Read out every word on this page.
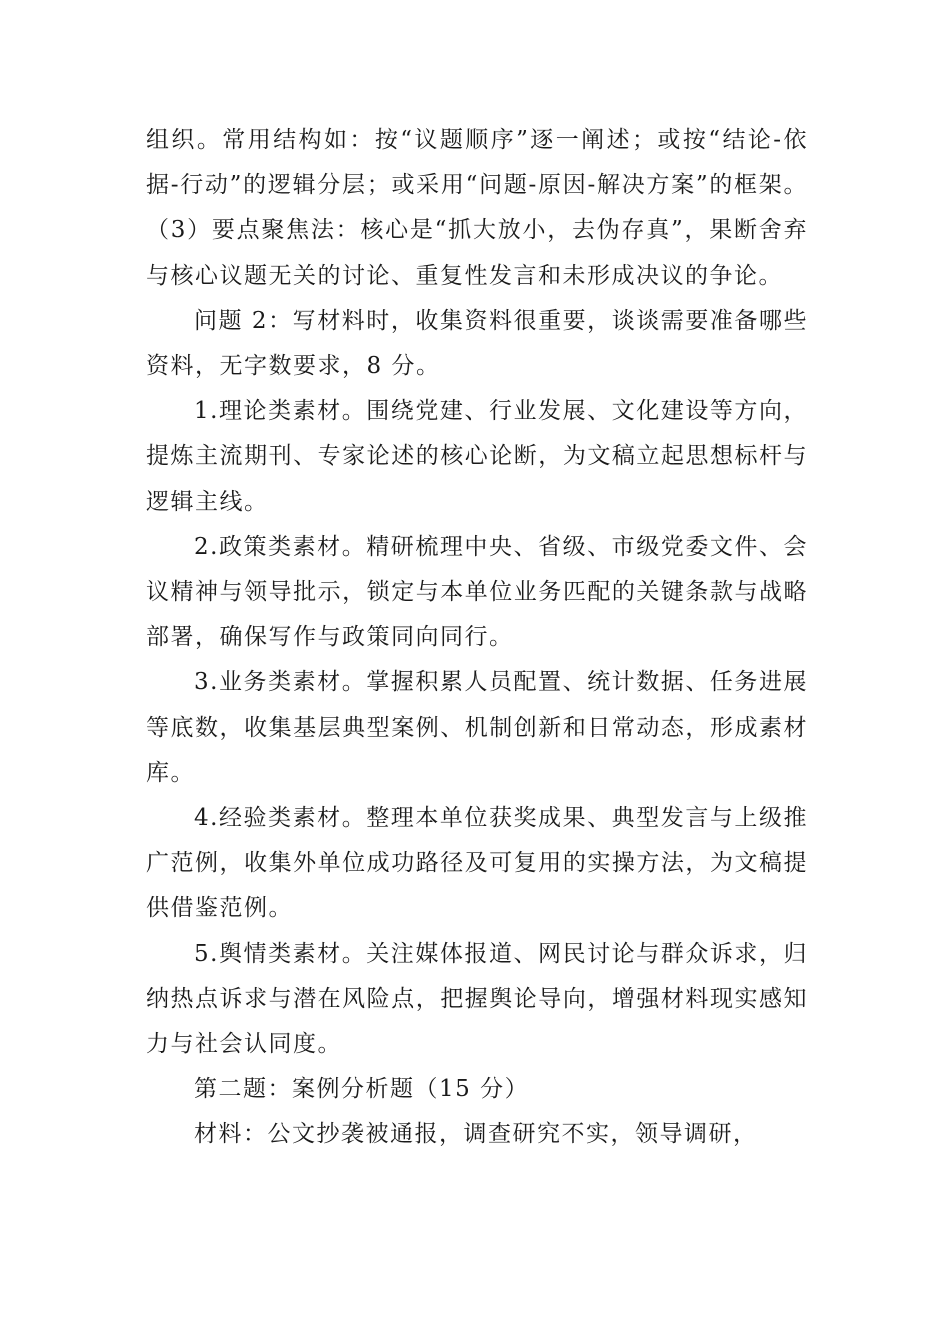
组织。常用结构如：按“议题顺序”逐一阐述；或按“结论-依据-行动”的逻辑分层；或采用“问题-原因-解决方案”的框架。（3）要点聚焦法：核心是“抓大放小，去伪存真”，果断舍弃与核心议题无关的讨论、重复性发言和未形成决议的争论。

问题 2：写材料时，收集资料很重要，谈谈需要准备哪些资料，无字数要求，8 分。

1.理论类素材。围绕党建、行业发展、文化建设等方向，提炼主流期刊、专家论述的核心论断，为文稿立起思想标杆与逻辑主线。

2.政策类素材。精研梳理中央、省级、市级党委文件、会议精神与领导批示，锁定与本单位业务匹配的关键条款与战略部署，确保写作与政策同向同行。

3.业务类素材。掌握积累人员配置、统计数据、任务进展等底数，收集基层典型案例、机制创新和日常动态，形成素材库。

4.经验类素材。整理本单位获奖成果、典型发言与上级推广范例，收集外单位成功路径及可复用的实操方法，为文稿提供借鉴范例。

5.舆情类素材。关注媒体报道、网民讨论与群众诉求，归纳热点诉求与潜在风险点，把握舆论导向，增强材料现实感知力与社会认同度。

第二题：案例分析题（15 分）

材料：公文抄袭被通报，调查研究不实，领导调研，
